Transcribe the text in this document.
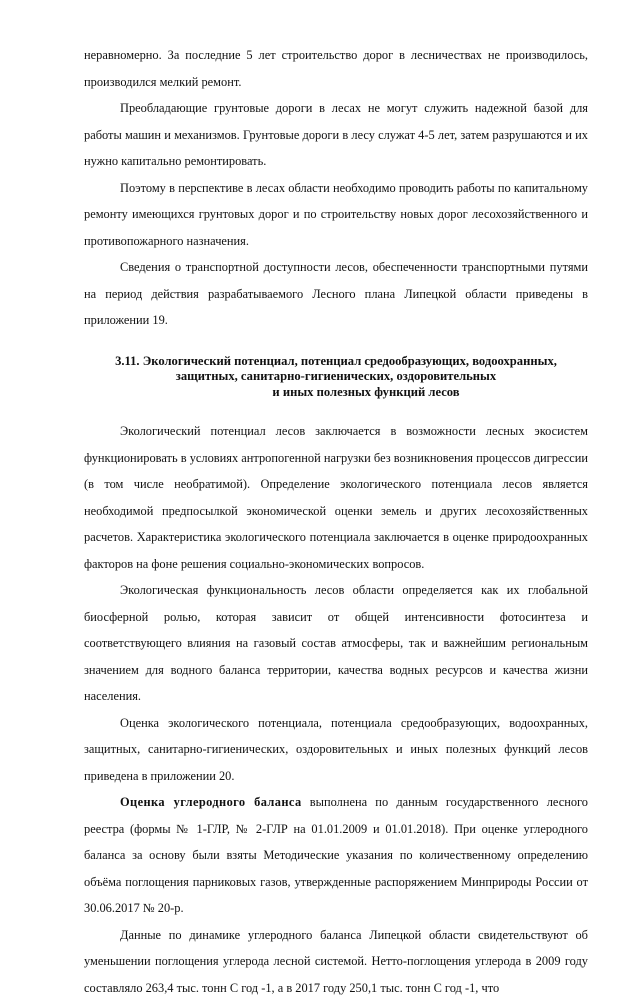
неравномерно. За последние 5 лет строительство дорог в лесничествах не производилось, производился мелкий ремонт.

Преобладающие грунтовые дороги в лесах не могут служить надежной базой для работы машин и механизмов. Грунтовые дороги в лесу служат 4-5 лет, затем разрушаются и их нужно капитально ремонтировать.

Поэтому в перспективе в лесах области необходимо проводить работы по капитальному ремонту имеющихся грунтовых дорог и по строительству новых дорог лесохозяйственного и противопожарного назначения.

Сведения о транспортной доступности лесов, обеспеченности транспортными путями на период действия разрабатываемого Лесного плана Липецкой области приведены в приложении 19.

3.11. Экологический потенциал, потенциал средообразующих, водоохранных,
защитных, санитарно-гигиенических, оздоровительных
и иных полезных функций лесов

Экологический потенциал лесов заключается в возможности лесных экосистем функционировать в условиях антропогенной нагрузки без возникновения процессов дигрессии (в том числе необратимой). Определение экологического потенциала лесов является необходимой предпосылкой экономической оценки земель и других лесохозяйственных расчетов. Характеристика экологического потенциала заключается в оценке природоохранных факторов на фоне решения социально-экономических вопросов.

Экологическая функциональность лесов области определяется как их глобальной биосферной ролью, которая зависит от общей интенсивности фотосинтеза и соответствующего влияния на газовый состав атмосферы, так и важнейшим региональным значением для водного баланса территории, качества водных ресурсов и качества жизни населения.

Оценка экологического потенциала, потенциала средообразующих, водоохранных, защитных, санитарно-гигиенических, оздоровительных и иных полезных функций лесов приведена в приложении 20.

Оценка углеродного баланса выполнена по данным государственного лесного реестра (формы № 1-ГЛР, № 2-ГЛР на 01.01.2009 и 01.01.2018). При оценке углеродного баланса за основу были взяты Методические указания по количественному определению объёма поглощения парниковых газов, утвержденные распоряжением Минприроды России от 30.06.2017 № 20-р.

Данные по динамике углеродного баланса Липецкой области свидетельствуют об уменьшении поглощения углерода лесной системой. Нетто-поглощения углерода в 2009 году составляло 263,4 тыс. тонн С год -1, а в 2017 году 250,1 тыс. тонн С год -1, что
